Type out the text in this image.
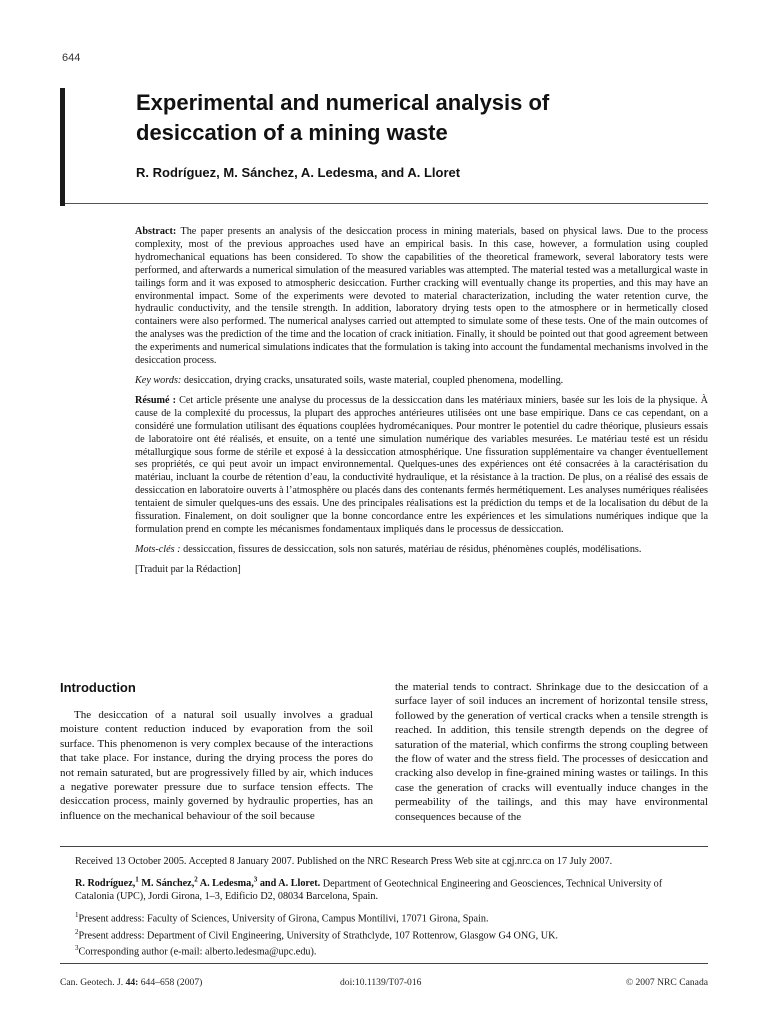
644
Experimental and numerical analysis of
desiccation of a mining waste

R. Rodríguez, M. Sánchez, A. Ledesma, and A. Lloret

Abstract: The paper presents an analysis of the desiccation process in mining materials, based on physical laws. Due to the process complexity, most of the previous approaches used have an empirical basis. In this case, however, a formulation using coupled hydromechanical equations has been considered. To show the capabilities of the theoretical framework, several laboratory tests were performed, and afterwards a numerical simulation of the measured variables was attempted. The material tested was a metallurgical waste in tailings form and it was exposed to atmospheric desiccation. Further cracking will eventually change its properties, and this may have an environmental impact. Some of the experiments were devoted to material characterization, including the water retention curve, the hydraulic conductivity, and the tensile strength. In addition, laboratory drying tests open to the atmosphere or in hermetically closed containers were also performed. The numerical analyses carried out attempted to simulate some of these tests. One of the main outcomes of the analyses was the prediction of the time and the location of crack initiation. Finally, it should be pointed out that good agreement between the experiments and numerical simulations indicates that the formulation is taking into account the fundamental mechanisms involved in the desiccation process.

Key words: desiccation, drying cracks, unsaturated soils, waste material, coupled phenomena, modelling.

Résumé : Cet article présente une analyse du processus de la dessiccation dans les matériaux miniers, basée sur les lois de la physique. À cause de la complexité du processus, la plupart des approches antérieures utilisées ont une base empirique. Dans ce cas cependant, on a considéré une formulation utilisant des équations couplées hydromécaniques. Pour montrer le potentiel du cadre théorique, plusieurs essais de laboratoire ont été réalisés, et ensuite, on a tenté une simulation numérique des variables mesurées. Le matériau testé est un résidu métallurgique sous forme de stérile et exposé à la dessiccation atmosphérique. Une fissuration supplémentaire va changer éventuellement ses propriétés, ce qui peut avoir un impact environnemental. Quelques-unes des expériences ont été consacrées à la caractérisation du matériau, incluant la courbe de rétention d’eau, la conductivité hydraulique, et la résistance à la traction. De plus, on a réalisé des essais de dessiccation en laboratoire ouverts à l’atmosphère ou placés dans des contenants fermés hermétiquement. Les analyses numériques réalisées tentaient de simuler quelques-uns des essais. Une des principales réalisations est la prédiction du temps et de la localisation du début de la fissuration. Finalement, on doit souligner que la bonne concordance entre les expériences et les simulations numériques indique que la formulation prend en compte les mécanismes fondamentaux impliqués dans le processus de dessiccation.

Mots-clés : dessiccation, fissures de dessiccation, sols non saturés, matériau de résidus, phénomènes couplés, modélisations.

[Traduit par la Rédaction]

Introduction

The desiccation of a natural soil usually involves a gradual moisture content reduction induced by evaporation from the soil surface. This phenomenon is very complex because of the interactions that take place. For instance, during the drying process the pores do not remain saturated, but are progressively filled by air, which induces a negative porewater pressure due to surface tension effects. The desiccation process, mainly governed by hydraulic properties, has an influence on the mechanical behaviour of the soil because

the material tends to contract. Shrinkage due to the desiccation of a surface layer of soil induces an increment of horizontal tensile stress, followed by the generation of vertical cracks when a tensile strength is reached. In addition, this tensile strength depends on the degree of saturation of the material, which confirms the strong coupling between the flow of water and the stress field. The processes of desiccation and cracking also develop in fine-grained mining wastes or tailings. In this case the generation of cracks will eventually induce changes in the permeability of the tailings, and this may have environmental consequences because of the

Received 13 October 2005. Accepted 8 January 2007. Published on the NRC Research Press Web site at cgj.nrc.ca on 17 July 2007.

R. Rodríguez,$^1$ M. Sánchez,$^2$ A. Ledesma,$^3$ and A. Lloret. Department of Geotechnical Engineering and Geosciences, Technical University of Catalonia (UPC), Jordi Girona, 1–3, Edificio D2, 08034 Barcelona, Spain.

$^1$Present address: Faculty of Sciences, University of Girona, Campus Montilivi, 17071 Girona, Spain.

$^2$Present address: Department of Civil Engineering, University of Strathclyde, 107 Rottenrow, Glasgow G4 ONG, UK.

$^3$Corresponding author (e-mail: alberto.ledesma@upc.edu).

Can. Geotech. J. 44: 644–658 (2007)	doi:10.1139/T07-016	© 2007 NRC Canada
